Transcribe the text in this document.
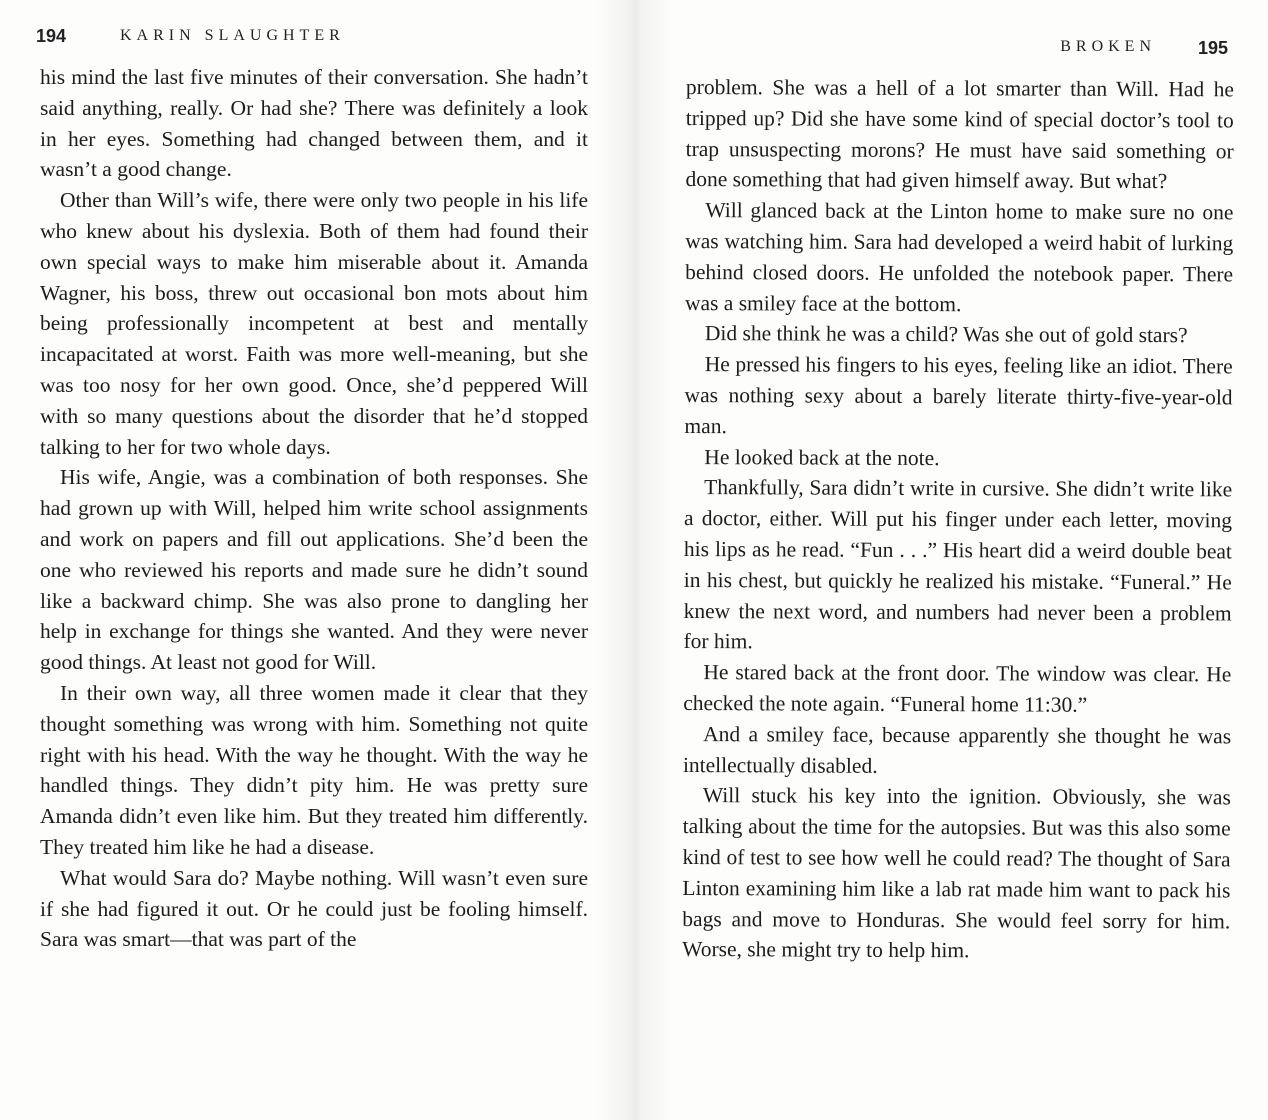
194	KARIN SLAUGHTER

his mind the last five minutes of their conversation. She hadn’t said anything, really. Or had she? There was definitely a look in her eyes. Something had changed between them, and it wasn’t a good change.

Other than Will’s wife, there were only two people in his life who knew about his dyslexia. Both of them had found their own special ways to make him miserable about it. Amanda Wagner, his boss, threw out occasional bon mots about him being professionally incompetent at best and mentally incapacitated at worst. Faith was more well-meaning, but she was too nosy for her own good. Once, she’d peppered Will with so many questions about the disorder that he’d stopped talking to her for two whole days.

His wife, Angie, was a combination of both responses. She had grown up with Will, helped him write school assignments and work on papers and fill out applications. She’d been the one who reviewed his reports and made sure he didn’t sound like a backward chimp. She was also prone to dangling her help in exchange for things she wanted. And they were never good things. At least not good for Will.

In their own way, all three women made it clear that they thought something was wrong with him. Something not quite right with his head. With the way he thought. With the way he handled things. They didn’t pity him. He was pretty sure Amanda didn’t even like him. But they treated him differently. They treated him like he had a disease.

What would Sara do? Maybe nothing. Will wasn’t even sure if she had figured it out. Or he could just be fooling himself. Sara was smart—that was part of the

BROKEN 195

problem. She was a hell of a lot smarter than Will. Had he tripped up? Did she have some kind of special doctor’s tool to trap unsuspecting morons? He must have said something or done something that had given himself away. But what?

Will glanced back at the Linton home to make sure no one was watching him. Sara had developed a weird habit of lurking behind closed doors. He unfolded the notebook paper. There was a smiley face at the bottom.

Did she think he was a child? Was she out of gold stars?

He pressed his fingers to his eyes, feeling like an idiot. There was nothing sexy about a barely literate thirty-five-year-old man.

He looked back at the note.

Thankfully, Sara didn’t write in cursive. She didn’t write like a doctor, either. Will put his finger under each letter, moving his lips as he read. “Fun . . .” His heart did a weird double beat in his chest, but quickly he realized his mistake. “Funeral.” He knew the next word, and numbers had never been a problem for him.

He stared back at the front door. The window was clear. He checked the note again. “Funeral home 11:30.”

And a smiley face, because apparently she thought he was intellectually disabled.

Will stuck his key into the ignition. Obviously, she was talking about the time for the autopsies. But was this also some kind of test to see how well he could read? The thought of Sara Linton examining him like a lab rat made him want to pack his bags and move to Honduras. She would feel sorry for him. Worse, she might try to help him.
